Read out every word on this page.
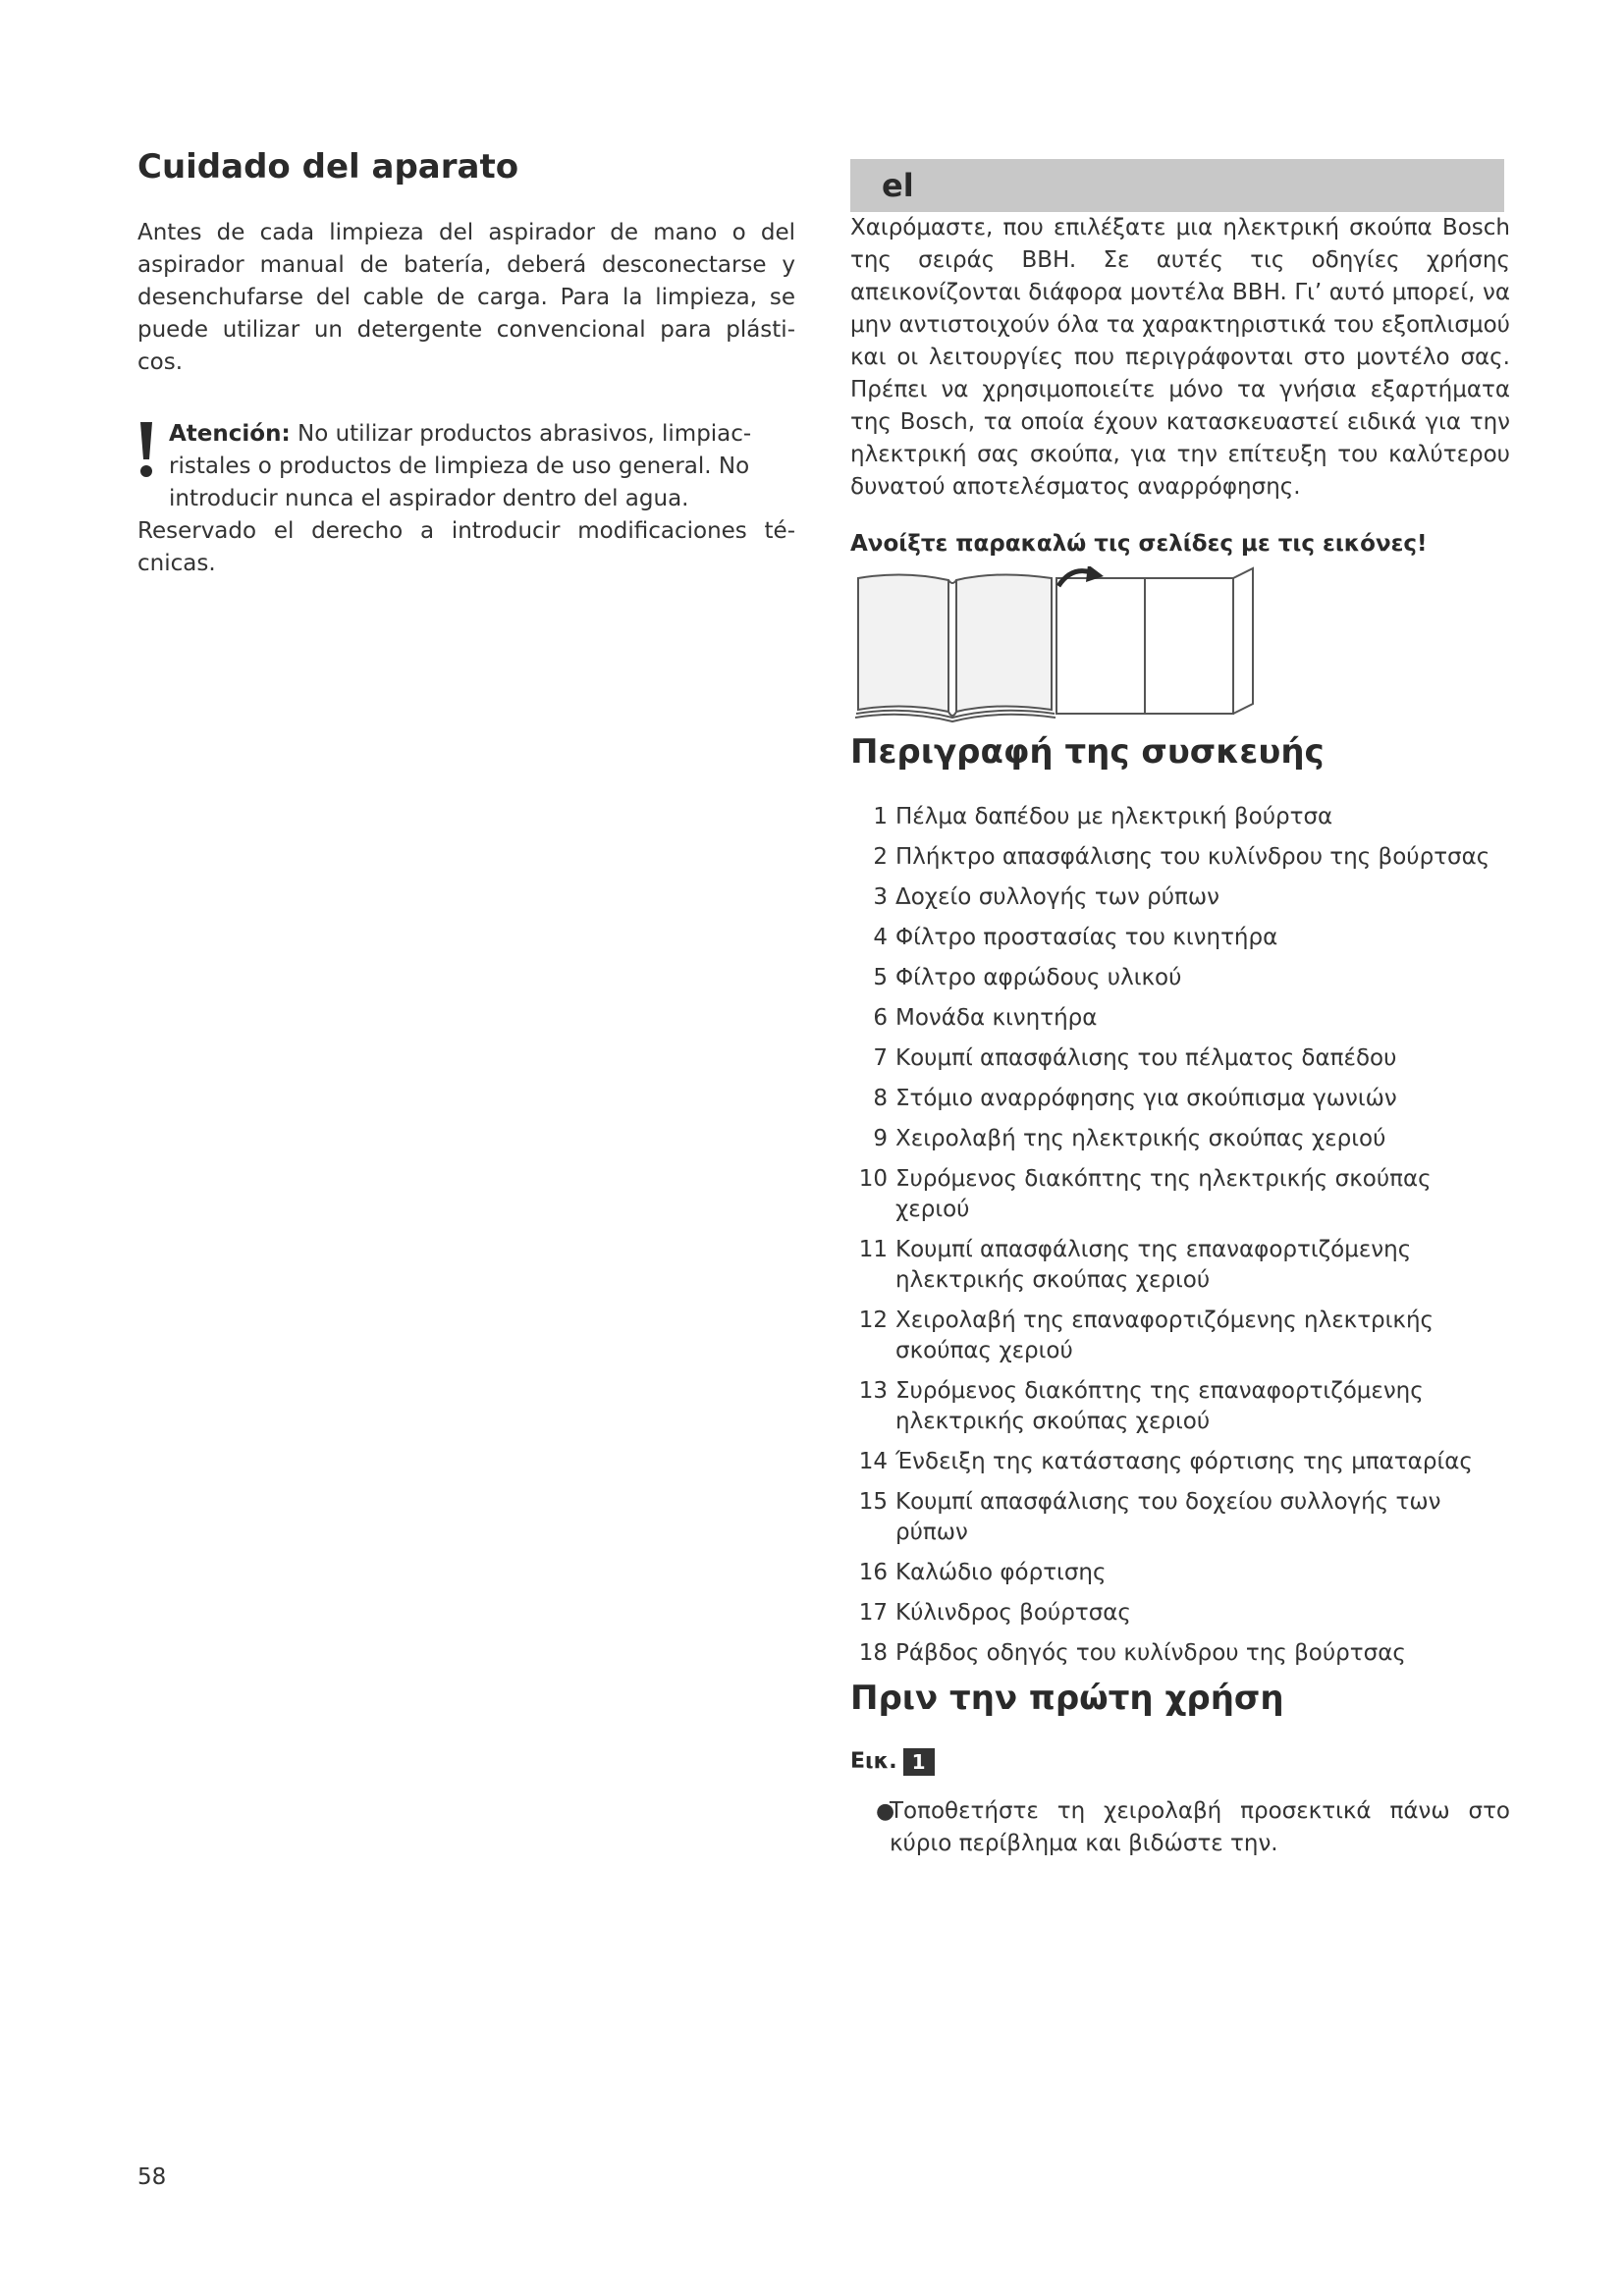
Cuidado del aparato

Antes de cada limpieza del aspirador de mano o del aspirador manual de batería, deberá desconectarse y desenchufarse del cable de carga. Para la limpieza, se puede utilizar un detergente convencional para plásti-cos.

Atención: No utilizar productos abrasivos, limpiac-ristales o productos de limpieza de uso general. No introducir nunca el aspirador dentro del agua.

Reservado el derecho a introducir modificaciones té-cnicas.

el

Χαιρόμαστε, που επιλέξατε μια ηλεκτρική σκούπα Bosch της σειράς BBH. Σε αυτές τις οδηγίες χρήσης απεικονίζονται διάφορα μοντέλα BBH. Γι’ αυτό μπορεί, να μην αντιστοιχούν όλα τα χαρακτηριστικά του εξοπλισμού και οι λειτουργίες που περιγράφονται στο μοντέλο σας. Πρέπει να χρησιμοποιείτε μόνο τα γνήσια εξαρτήματα της Bosch, τα οποία έχουν κατασκευαστεί ειδικά για την ηλεκτρική σας σκούπα, για την επίτευξη του καλύτερου δυνατού αποτελέσματος αναρρόφησης.

Ανοίξτε παρακαλώ τις σελίδες με τις εικόνες!
Περιγραφή της συσκευής
1 Πέλμα δαπέδου με ηλεκτρική βούρτσα
2 Πλήκτρο απασφάλισης του κυλίνδρου της βούρτσας
3 Δοχείο συλλογής των ρύπων
4 Φίλτρο προστασίας του κινητήρα
5 Φίλτρο αφρώδους υλικού
6 Μονάδα κινητήρα
7 Κουμπί απασφάλισης του πέλματος δαπέδου
8 Στόμιο αναρρόφησης για σκούπισμα γωνιών
9 Χειρολαβή της ηλεκτρικής σκούπας χεριού
10 Συρόμενος διακόπτης της ηλεκτρικής σκούπας χεριού
11 Κουμπί απασφάλισης της επαναφορτιζόμενης ηλεκτρικής σκούπας χεριού
12 Χειρολαβή της επαναφορτιζόμενης ηλεκτρικής σκούπας χεριού
13 Συρόμενος διακόπτης της επαναφορτιζόμενης ηλεκτρικής σκούπας χεριού
14 Ένδειξη της κατάστασης φόρτισης της μπαταρίας
15 Κουμπί απασφάλισης του δοχείου συλλογής των ρύπων
16 Καλώδιο φόρτισης
17 Κύλινδρος βούρτσας
18 Ράβδος οδηγός του κυλίνδρου της βούρτσας
Πριν την πρώτη χρήση
Εικ. 1
●

Τοποθετήστε τη χειρολαβή προσεκτικά πάνω στο κύριο περίβλημα και βιδώστε την.

58
